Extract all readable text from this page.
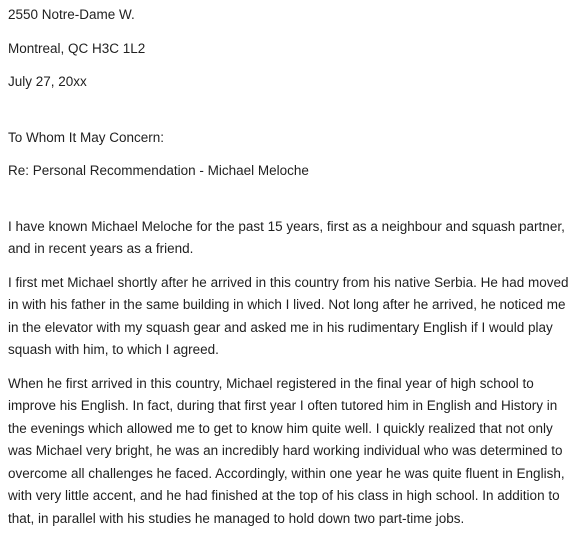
2550 Notre-Dame W.

Montreal, QC H3C 1L2

July 27, 20xx

To Whom It May Concern:

Re: Personal Recommendation - Michael Meloche

I have known Michael Meloche for the past 15 years, first as a neighbour and squash partner,

and in recent years as a friend.

I first met Michael shortly after he arrived in this country from his native Serbia. He had moved

in with his father in the same building in which I lived. Not long after he arrived, he noticed me

in the elevator with my squash gear and asked me in his rudimentary English if I would play

squash with him, to which I agreed.

When he first arrived in this country, Michael registered in the final year of high school to

improve his English. In fact, during that first year I often tutored him in English and History in

the evenings which allowed me to get to know him quite well. I quickly realized that not only

was Michael very bright, he was an incredibly hard working individual who was determined to

overcome all challenges he faced. Accordingly, within one year he was quite fluent in English,

with very little accent, and he had finished at the top of his class in high school. In addition to

that, in parallel with his studies he managed to hold down two part-time jobs.
